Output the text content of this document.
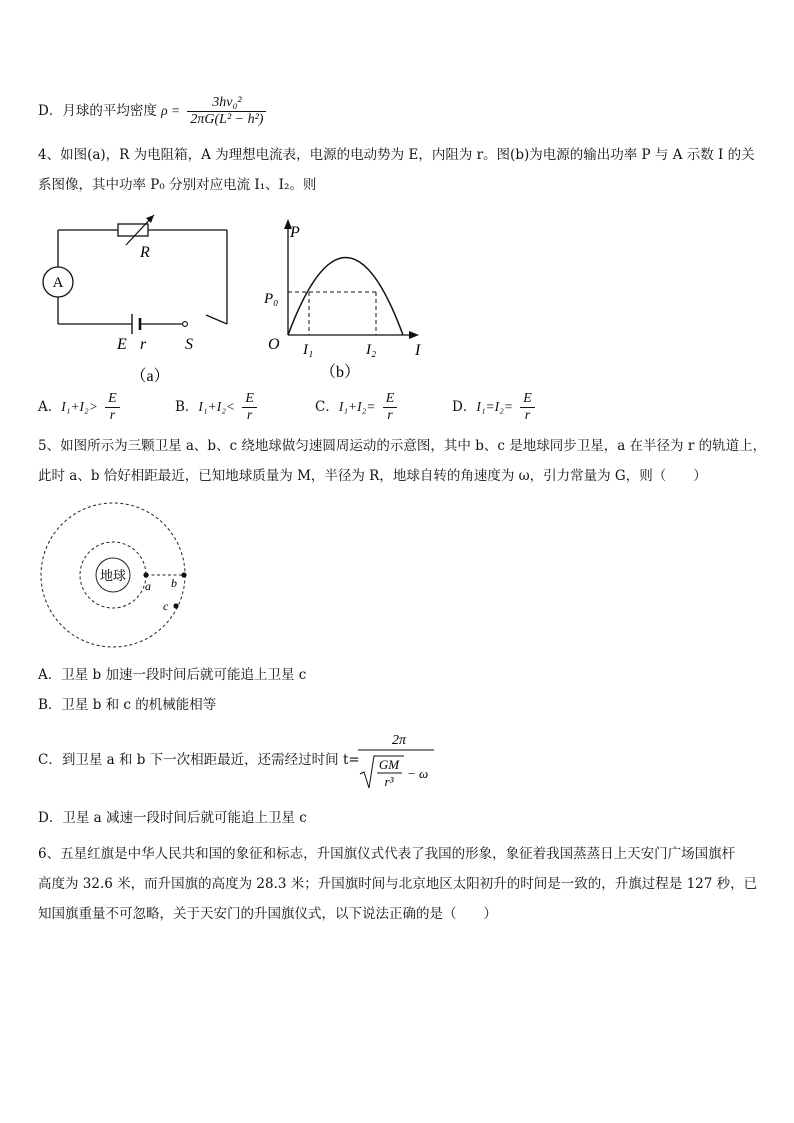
D．月球的平均密度 $\rho = \frac{\text{3hv₀²}}{\text{2πG(L² − h²)}}$
4、如图(a)，R 为电阻箱，A 为理想电流表，电源的电动势为 E，内阻为 r。图(b)为电源的输出功率 P 与 A 示数 I 的关
系图像，其中功率 P₀ 分别对应电流 I₁、I₂。则
R
A
E r S
（a）
P
P₀
O I₁	I₂ I
（b）
A．$I_1+I_2> \frac{E}{r}$	B．$I_1+I_2< \frac{E}{r}$	C．$I_1+I_2= \frac{E}{r}$	D．$I_1=I_2= \frac{E}{r}$
5、如图所示为三颗卫星 a、b、c 绕地球做匀速圆周运动的示意图，其中 b、c 是地球同步卫星，a 在半径为 r 的轨道上，
此时 a、b 恰好相距最近，已知地球质量为 M，半径为 R，地球自转的角速度为 ω，引力常量为 G，则（　　）
地球
a b
c
A．卫星 b 加速一段时间后就可能追上卫星 c
B．卫星 b 和 c 的机械能相等
C．到卫星 a 和 b 下一次相距最近，还需经过时间 t=
2π
GM
r³
− ω
D．卫星 a 减速一段时间后就可能追上卫星 c
6、五星红旗是中华人民共和国的象征和标志，升国旗仪式代表了我国的形象，象征着我国蒸蒸日上天安门广场国旗杆
高度为 32.6 米，而升国旗的高度为 28.3 米；升国旗时间与北京地区太阳初升的时间是一致的，升旗过程是 127 秒，已
知国旗重量不可忽略，关于天安门的升国旗仪式，以下说法正确的是（　　）
